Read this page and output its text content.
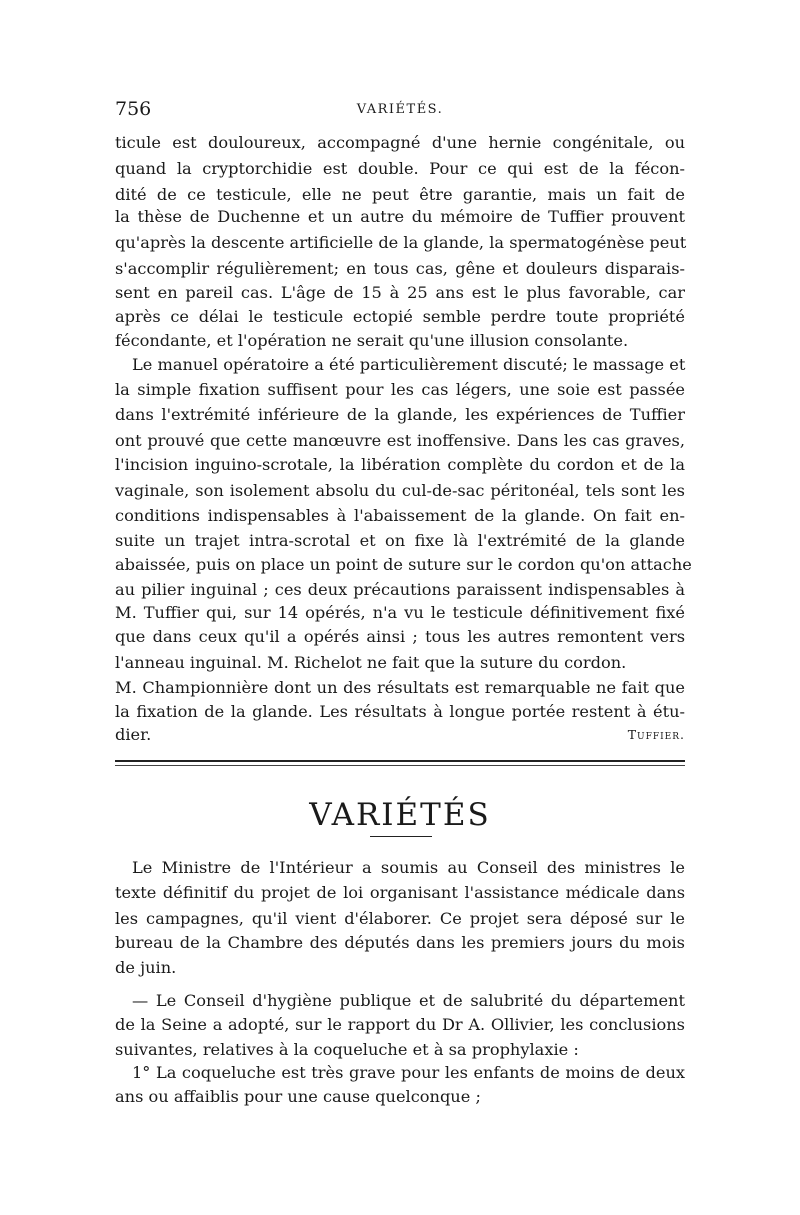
756	VARIÉTÉS.
ticule est douloureux, accompagné d'une hernie congénitale, ou
quand la cryptorchidie est double. Pour ce qui est de la fécon-
dité de ce testicule, elle ne peut être garantie, mais un fait de
la thèse de Duchenne et un autre du mémoire de Tuffier prouvent
qu'après la descente artificielle de la glande, la spermatogénèse peut
s'accomplir régulièrement; en tous cas, gêne et douleurs disparais-
sent en pareil cas. L'âge de 15 à 25 ans est le plus favorable, car
après ce délai le testicule ectopié semble perdre toute propriété
fécondante, et l'opération ne serait qu'une illusion consolante.
Le manuel opératoire a été particulièrement discuté; le massage et
la simple fixation suffisent pour les cas légers, une soie est passée
dans l'extrémité inférieure de la glande, les expériences de Tuffier
ont prouvé que cette manœuvre est inoffensive. Dans les cas graves,
l'incision inguino-scrotale, la libération complète du cordon et de la
vaginale, son isolement absolu du cul-de-sac péritonéal, tels sont les
conditions indispensables à l'abaissement de la glande. On fait en-
suite un trajet intra-scrotal et on fixe là l'extrémité de la glande
abaissée, puis on place un point de suture sur le cordon qu'on attache
au pilier inguinal ; ces deux précautions paraissent indispensables à
M. Tuffier qui, sur 14 opérés, n'a vu le testicule définitivement fixé
que dans ceux qu'il a opérés ainsi ; tous les autres remontent vers
l'anneau inguinal. M. Richelot ne fait que la suture du cordon.
M. Championnière dont un des résultats est remarquable ne fait que
la fixation de la glande. Les résultats à longue portée restent à étu-
dier.	Tuffier.
VARIÉTÉS
Le Ministre de l'Intérieur a soumis au Conseil des ministres le
texte définitif du projet de loi organisant l'assistance médicale dans
les campagnes, qu'il vient d'élaborer. Ce projet sera déposé sur le
bureau de la Chambre des députés dans les premiers jours du mois
de juin.
— Le Conseil d'hygiène publique et de salubrité du département
de la Seine a adopté, sur le rapport du Dr A. Ollivier, les conclusions
suivantes, relatives à la coqueluche et à sa prophylaxie :
1° La coqueluche est très grave pour les enfants de moins de deux
ans ou affaiblis pour une cause quelconque ;
